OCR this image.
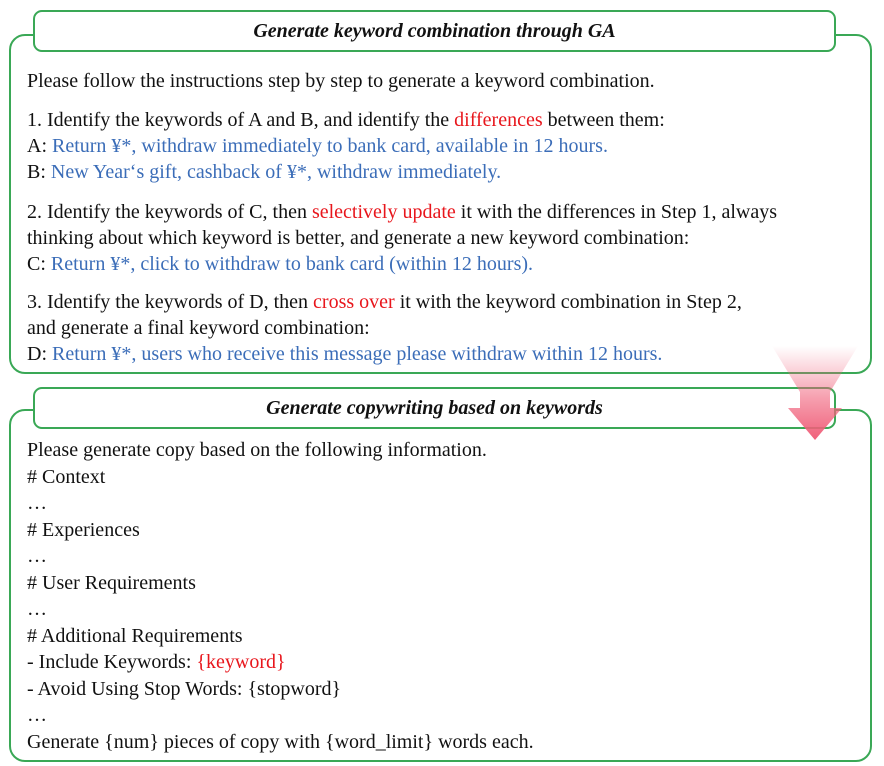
Generate keyword combination through GA
Please follow the instructions step by step to generate a keyword combination.
1. Identify the keywords of A and B, and identify the differences between them:
A: Return ¥*, withdraw immediately to bank card, available in 12 hours.
B: New Year‘s gift, cashback of ¥*, withdraw immediately.
2. Identify the keywords of C, then selectively update it with the differences in Step 1, always
thinking about which keyword is better, and generate a new keyword combination:
C: Return ¥*, click to withdraw to bank card (within 12 hours).
3. Identify the keywords of D, then cross over it with the keyword combination in Step 2,
and generate a final keyword combination:
D: Return ¥*, users who receive this message please withdraw within 12 hours.
Generate copywriting based on keywords
Please generate copy based on the following information.
# Context
…
# Experiences
…
# User Requirements
…
# Additional Requirements
- Include Keywords: {keyword}
- Avoid Using Stop Words: {stopword}
…
Generate {num} pieces of copy with {word_limit} words each.
